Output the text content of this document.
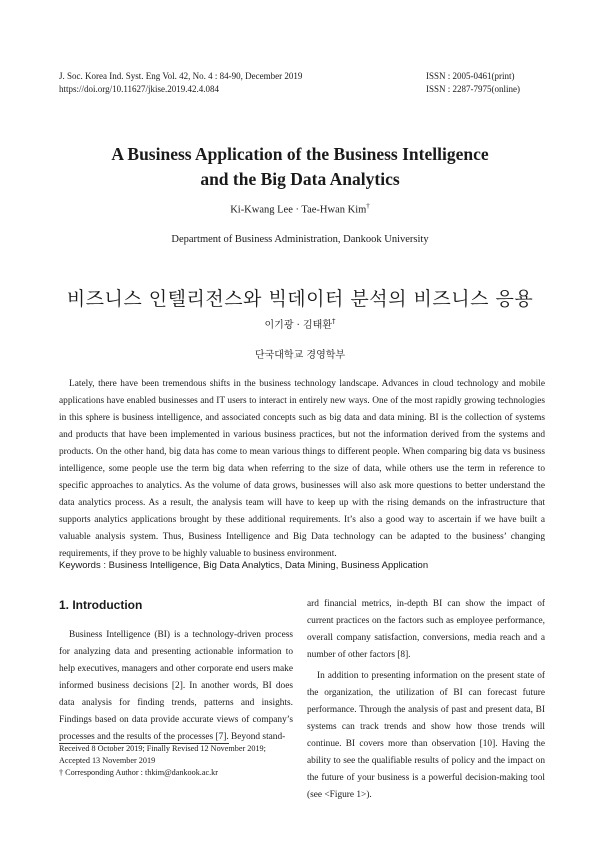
J. Soc. Korea Ind. Syst. Eng Vol. 42, No. 4 : 84-90, December 2019
https://doi.org/10.11627/jkise.2019.42.4.084
ISSN : 2005-0461(print)
ISSN : 2287-7975(online)
A Business Application of the Business Intelligence
and the Big Data Analytics
Ki-Kwang Lee · Tae-Hwan Kim†
Department of Business Administration, Dankook University
비즈니스 인텔리전스와 빅데이터 분석의 비즈니스 응용
이기광 · 김태환†
단국대학교 경영학부
Lately, there have been tremendous shifts in the business technology landscape. Advances in cloud technology and mobile applications have enabled businesses and IT users to interact in entirely new ways. One of the most rapidly growing technologies in this sphere is business intelligence, and associated concepts such as big data and data mining. BI is the collection of systems and products that have been implemented in various business practices, but not the information derived from the systems and products. On the other hand, big data has come to mean various things to different people. When comparing big data vs business intelligence, some people use the term big data when referring to the size of data, while others use the term in reference to specific approaches to analytics. As the volume of data grows, businesses will also ask more questions to better understand the data analytics process. As a result, the analysis team will have to keep up with the rising demands on the infrastructure that supports analytics applications brought by these additional requirements. It’s also a good way to ascertain if we have built a valuable analysis system. Thus, Business Intelligence and Big Data technology can be adapted to the business’ changing requirements, if they prove to be highly valuable to business environment.
Keywords : Business Intelligence, Big Data Analytics, Data Mining, Business Application
1. Introduction

Business Intelligence (BI) is a technology-driven process for analyzing data and presenting actionable information to help executives, managers and other corporate end users make informed business decisions [2]. In another words, BI does data analysis for finding trends, patterns and insights. Findings based on data provide accurate views of company’s processes and the results of the processes [7]. Beyond stand-

ard financial metrics, in-depth BI can show the impact of current practices on the factors such as employee performance, overall company satisfaction, conversions, media reach and a number of other factors [8].

In addition to presenting information on the present state of the organization, the utilization of BI can forecast future performance. Through the analysis of past and present data, BI systems can track trends and show how those trends will continue. BI covers more than observation [10]. Having the ability to see the qualifiable results of policy and the impact on the future of your business is a powerful decision-making tool (see <Figure 1>).

Received 8 October 2019; Finally Revised 12 November 2019;
Accepted 13 November 2019
† Corresponding Author : thkim@dankook.ac.kr
